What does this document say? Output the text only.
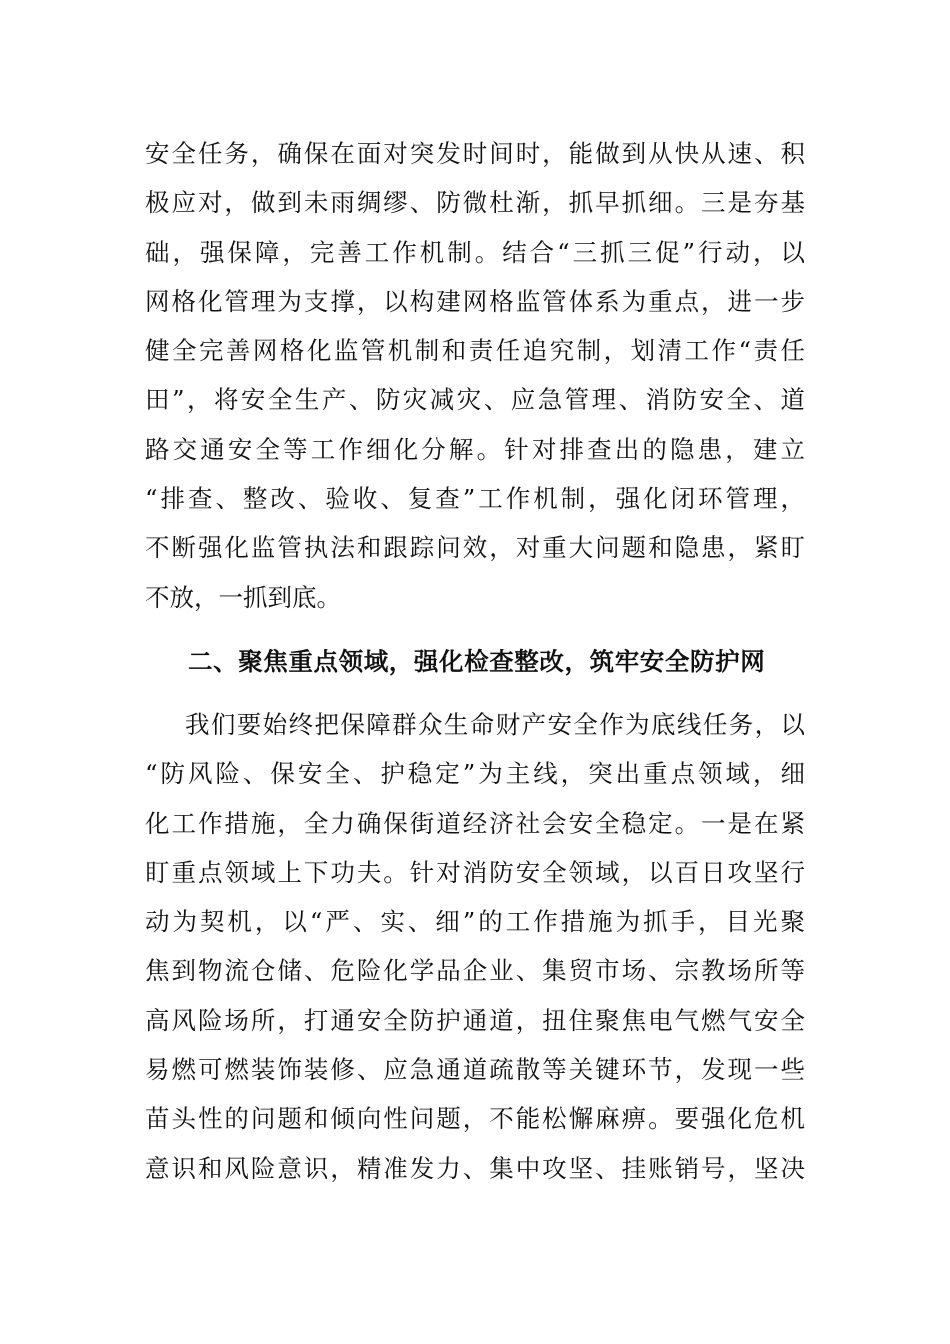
安全任务，确保在面对突发时间时，能做到从快从速、积
极应对，做到未雨绸缪、防微杜渐，抓早抓细。三是夯基
础，强保障，完善工作机制。结合“三抓三促”行动，以
网格化管理为支撑，以构建网格监管体系为重点，进一步
健全完善网格化监管机制和责任追究制，划清工作“责任
田”，将安全生产、防灾减灾、应急管理、消防安全、道
路交通安全等工作细化分解。针对排查出的隐患，建立
“排查、整改、验收、复查”工作机制，强化闭环管理，
不断强化监管执法和跟踪问效，对重大问题和隐患，紧盯
不放，一抓到底。
二、聚焦重点领域，强化检查整改，筑牢安全防护网
我们要始终把保障群众生命财产安全作为底线任务，以
“防风险、保安全、护稳定”为主线，突出重点领域，细
化工作措施，全力确保街道经济社会安全稳定。一是在紧
盯重点领域上下功夫。针对消防安全领域，以百日攻坚行
动为契机，以“严、实、细”的工作措施为抓手，目光聚
焦到物流仓储、危险化学品企业、集贸市场、宗教场所等
高风险场所，打通安全防护通道，扭住聚焦电气燃气安全
易燃可燃装饰装修、应急通道疏散等关键环节，发现一些
苗头性的问题和倾向性问题，不能松懈麻痹。要强化危机
意识和风险意识，精准发力、集中攻坚、挂账销号，坚决
